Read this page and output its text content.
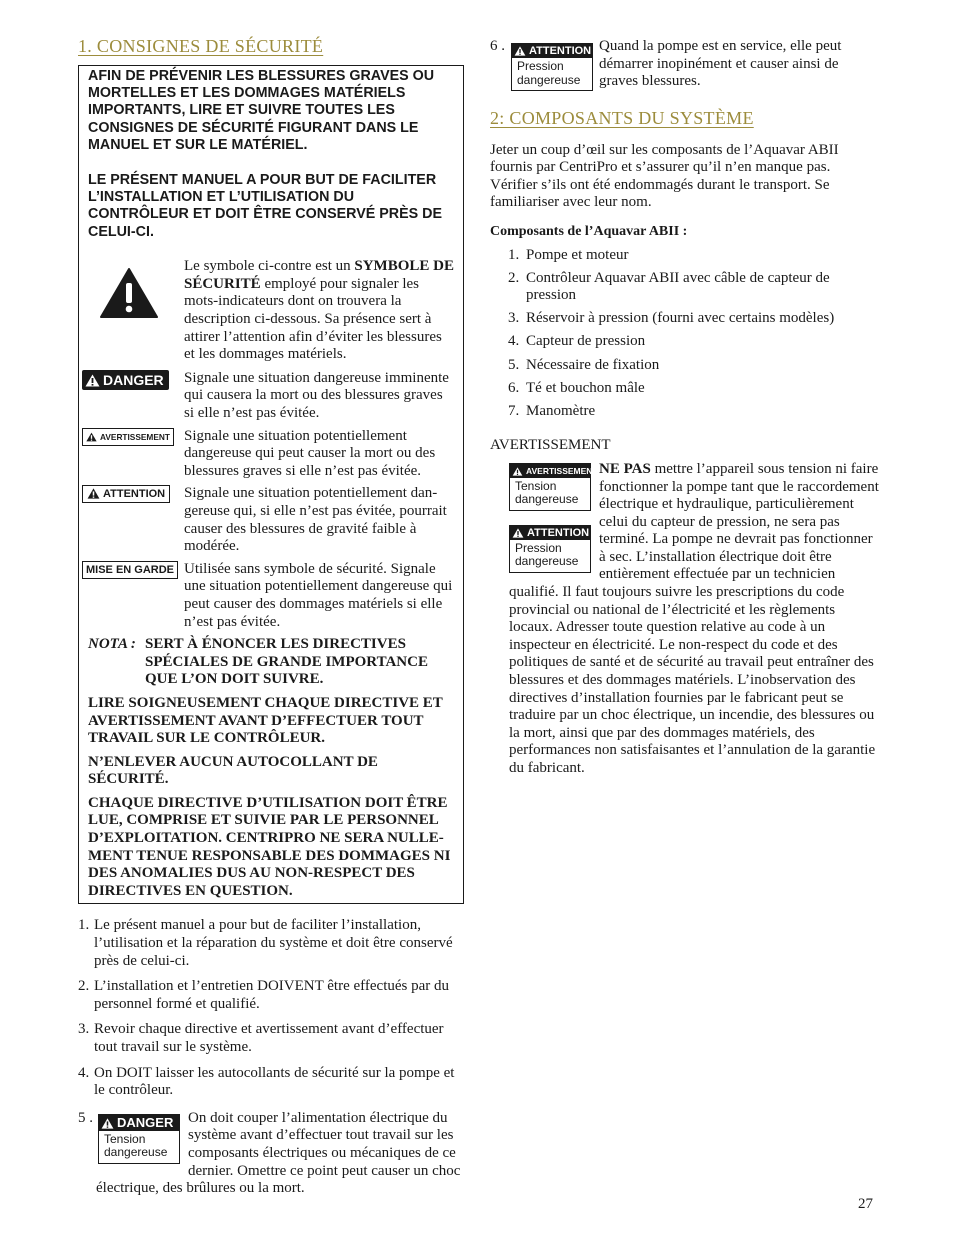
1. CONSIGNES DE SÉCURITÉ

AFIN DE PRÉVENIR LES BLESSURES GRAVES OU MORTELLES ET LES DOMMAGES MATÉRIELS IMPORTANTS, LIRE ET SUIVRE TOUTES LES CONSIGNES DE SÉCURITÉ FIGURANT DANS LE MANUEL ET SUR LE MATÉRIEL.

LE PRÉSENT MANUEL A POUR BUT DE FACILITER L’INSTALLATION ET L’UTILISATION DU CONTRÔLEUR ET DOIT ÊTRE CONSERVÉ PRÈS DE CELUI-CI.

Le symbole ci-contre est un SYMBOLE DE SÉCURITÉ employé pour signaler les mots-indicateurs dont on trouvera la description ci-dessous. Sa présence sert à attirer l’attention afin d’éviter les blessures et les dommages matériels.
DANGER	Signale une situation dangereuse imminente qui causera la mort ou des blessures graves si elle n’est pas évitée.
AVERTISSEMENT Signale une situation potentiellement dangereuse qui peut causer la mort ou des blessures graves si elle n’est pas évitée.
ATTENTION	Signale une situation potentiellement dangereuse qui, si elle n’est pas évitée, pourrait causer des blessures de gravité faible à modérée.
MISE EN GARDE Utilisée sans symbole de sécurité. Signale une situation potentiellement dangereuse qui peut causer des dommages matériels si elle n’est pas évitée.
NOTA : SERT À ÉNONCER LES DIRECTIVES SPÉCIALES DE GRANDE IMPORTANCE QUE L’ON DOIT SUIVRE.

LIRE SOIGNEUSEMENT CHAQUE DIRECTIVE ET AVERTISSEMENT AVANT D’EFFECTUER TOUT TRAVAIL SUR LE CONTRÔLEUR.

N’ENLEVER AUCUN AUTOCOLLANT DE SÉCURITÉ.

CHAQUE DIRECTIVE D’UTILISATION DOIT ÊTRE LUE, COMPRISE ET SUIVIE PAR LE PERSONNEL D’EXPLOITATION. CENTRIPRO NE SERA NULLEMENT TENUE RESPONSABLE DES DOMMAGES NI DES ANOMALIES DUS AU NON-RESPECT DES DIRECTIVES EN QUESTION.

1. Le présent manuel a pour but de faciliter l’installation, l’utilisation et la réparation du système et doit être conservé près de celui-ci.
2. L’installation et l’entretien DOIVENT être effectués par du personnel formé et qualifié.
3. Revoir chaque directive et avertissement avant d’effectuer tout travail sur le système.
4. On DOIT laisser les autocollants de sécurité sur la pompe et le contrôleur.
5 .	DANGER
Tension dangereuse
On doit couper l’alimentation électrique du système avant d’effectuer tout travail sur les composants électriques ou mécaniques de ce dernier. Omettre ce point peut causer un choc électrique, des brûlures ou la mort.
6 .	ATTENTION
Pression dangereuse
Quand la pompe est en service, elle peut démarrer inopinément et causer ainsi de graves blessures.
2: COMPOSANTS DU SYSTÈME

Jeter un coup d’œil sur les composants de l’Aquavar ABII fournis par CentriPro et s’assurer qu’il n’en manque pas. Vérifier s’ils ont été endommagés durant le transport. Se familiariser avec leur nom.

Composants de l’Aquavar ABII :

1. Pompe et moteur
2. Contrôleur Aquavar ABII avec câble de capteur de pression
3. Réservoir à pression (fourni avec certains modèles)
4. Capteur de pression
5. Nécessaire de fixation
6. Té et bouchon mâle
7. Manomètre

AVERTISSEMENT

AVERTISSEMENT
Tension dangereuse

ATTENTION
Pression dangereuse
NE PAS mettre l’appareil sous tension ni faire fonctionner la pompe tant que le raccordement électrique et hydraulique, particulièrement celui du capteur de pression, ne sera pas terminé. La pompe ne devrait pas fonctionner à sec. L’installation électrique doit être entièrement effectuée par un technicien qualifié. Il faut toujours suivre les prescriptions du code provincial ou national de l’électricité et les règlements locaux. Adresser toute question relative au code à un inspecteur en électricité. Le non-respect du code et des politiques de santé et de sécurité au travail peut entraîner des blessures et des dommages matériels. L’inobservation des directives d’installation fournies par le fabricant peut se traduire par un choc électrique, un incendie, des blessures ou la mort, ainsi que par des dommages matériels, des performances non satisfaisantes et l’annulation de la garantie du fabricant.
27
